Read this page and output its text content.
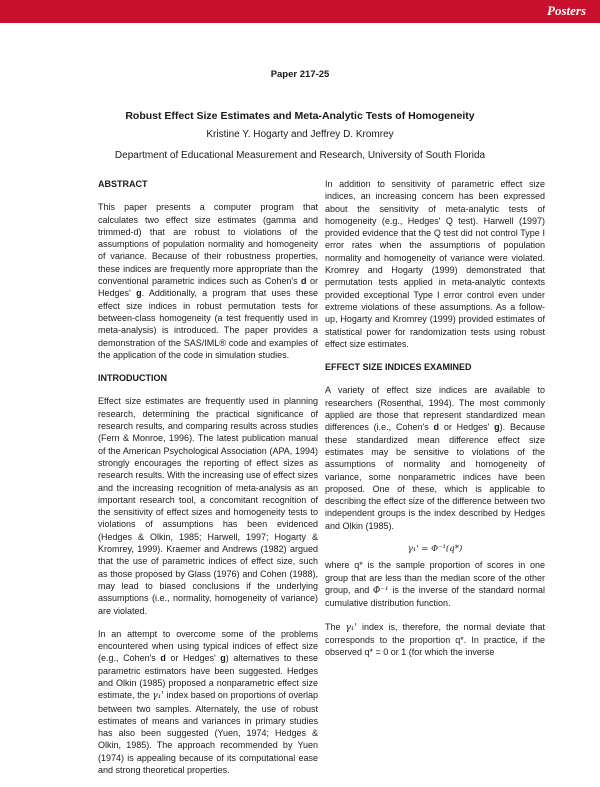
Posters
Paper 217-25
Robust Effect Size Estimates and Meta-Analytic Tests of Homogeneity
Kristine Y. Hogarty and Jeffrey D. Kromrey
Department of Educational Measurement and Research, University of South Florida
ABSTRACT

This paper presents a computer program that calculates two effect size estimates (gamma and trimmed-d) that are robust to violations of the assumptions of population normality and homogeneity of variance. Because of their robustness properties, these indices are frequently more appropriate than the conventional parametric indices such as Cohen's d or Hedges' g. Additionally, a program that uses these effect size indices in robust permutation tests for between-class homogeneity (a test frequently used in meta-analysis) is introduced. The paper provides a demonstration of the SAS/IML® code and examples of the application of the code in simulation studies.

INTRODUCTION

Effect size estimates are frequently used in planning research, determining the practical significance of research results, and comparing results across studies (Fern & Monroe, 1996). The latest publication manual of the American Psychological Association (APA, 1994) strongly encourages the reporting of effect sizes as research results. With the increasing use of effect sizes and the increasing recognition of meta-analysis as an important research tool, a concomitant recognition of the sensitivity of effect sizes and homogeneity tests to violations of assumptions has been evidenced (Hedges & Olkin, 1985; Harwell, 1997; Hogarty & Kromrey, 1999). Kraemer and Andrews (1982) argued that the use of parametric indices of effect size, such as those proposed by Glass (1976) and Cohen (1988), may lead to biased conclusions if the underlying assumptions (i.e., normality, homogeneity of variance) are violated.

In an attempt to overcome some of the problems encountered when using typical indices of effect size (e.g., Cohen's d or Hedges' g) alternatives to these parametric estimators have been suggested. Hedges and Olkin (1985) proposed a nonparametric effect size estimate, the γ₁' index based on proportions of overlap between two samples. Alternately, the use of robust estimates of means and variances in primary studies has also been suggested (Yuen, 1974; Hedges & Olkin, 1985). The approach recommended by Yuen (1974) is appealing because of its computational ease and strong theoretical properties.

In addition to sensitivity of parametric effect size indices, an increasing concern has been expressed about the sensitivity of meta-analytic tests of homogeneity (e.g., Hedges' Q test). Harwell (1997) provided evidence that the Q test did not control Type I error rates when the assumptions of population normality and homogeneity of variance were violated. Kromrey and Hogarty (1999) demonstrated that permutation tests applied in meta-analytic contexts provided exceptional Type I error control even under extreme violations of these assumptions. As a follow-up, Hogarty and Kromrey (1999) provided estimates of statistical power for randomization tests using robust effect size estimates.

EFFECT SIZE INDICES EXAMINED

A variety of effect size indices are available to researchers (Rosenthal, 1994). The most commonly applied are those that represent standardized mean differences (i.e., Cohen's d or Hedges' g). Because these standardized mean difference effect size estimates may be sensitive to violations of the assumptions of normality and homogeneity of variance, some nonparametric indices have been proposed. One of these, which is applicable to describing the effect size of the difference between two independent groups is the index described by Hedges and Olkin (1985).

γ₁' = Φ⁻¹(q*)

where q* is the sample proportion of scores in one group that are less than the median score of the other group, and Φ⁻¹ is the inverse of the standard normal cumulative distribution function.

The γ₁' index is, therefore, the normal deviate that corresponds to the proportion q*. In practice, if the observed q* = 0 or 1 (for which the inverse
